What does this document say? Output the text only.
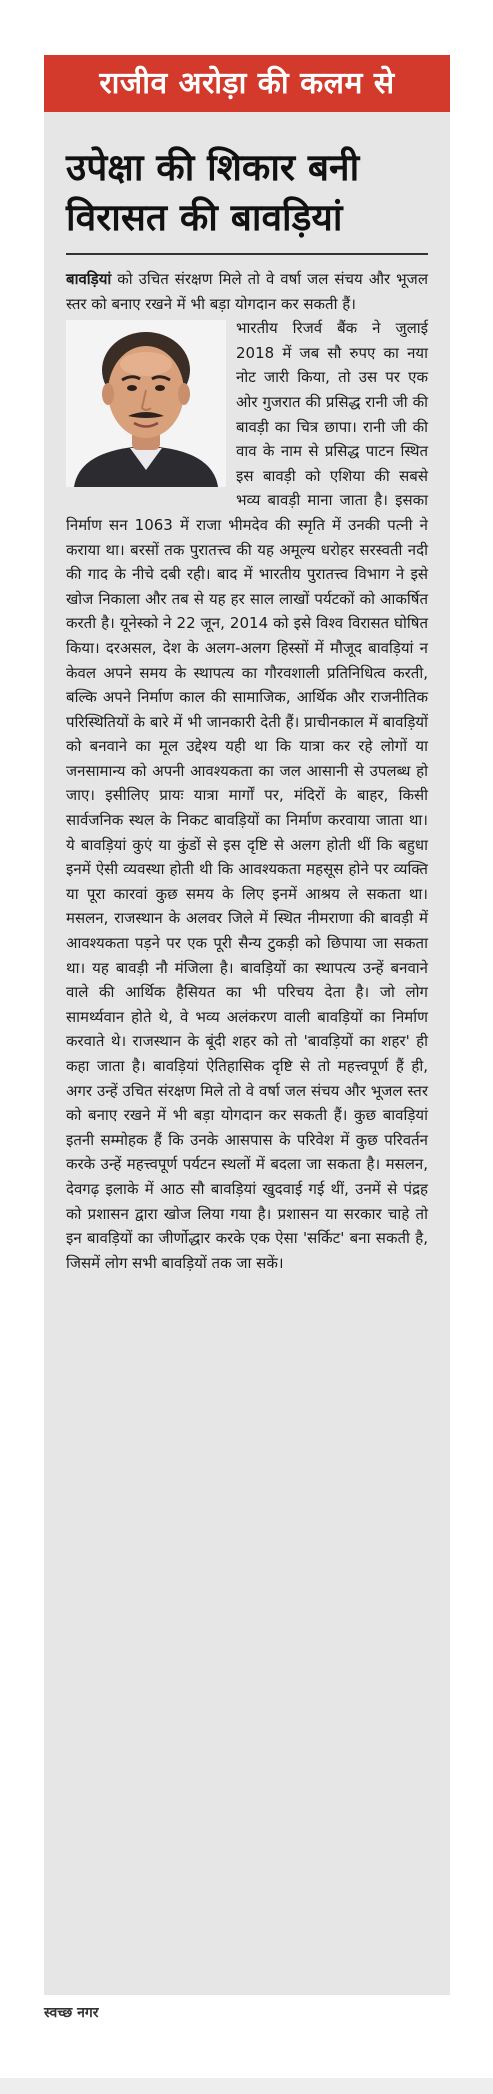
राजीव अरोड़ा की कलम से
उपेक्षा की शिकार बनी विरासत की बावड़ियां

बावड़ियां को उचित संरक्षण मिले तो वे वर्षा जल संचय और भूजल स्तर को बनाए रखने में भी बड़ा योगदान कर सकती हैं।

भारतीय रिजर्व बैंक ने जुलाई 2018 में जब सौ रुपए का नया नोट जारी किया, तो उस पर एक ओर गुजरात की प्रसिद्ध रानी जी की बावड़ी का चित्र छापा। रानी जी की वाव के नाम से प्रसिद्ध पाटन स्थित इस बावड़ी को एशिया की सबसे भव्य बावड़ी माना जाता है। इसका निर्माण सन 1063 में राजा भीमदेव की स्मृति में उनकी पत्नी ने कराया था। बरसों तक पुरातत्त्व की यह अमूल्य धरोहर सरस्वती नदी की गाद के नीचे दबी रही। बाद में भारतीय पुरातत्त्व विभाग ने इसे खोज निकाला और तब से यह हर साल लाखों पर्यटकों को आकर्षित करती है। यूनेस्को ने 22 जून, 2014 को इसे विश्व विरासत घोषित किया। दरअसल, देश के अलग-अलग हिस्सों में मौजूद बावड़ियां न केवल अपने समय के स्थापत्य का गौरवशाली प्रतिनिधित्व करती, बल्कि अपने निर्माण काल की सामाजिक, आर्थिक और राजनीतिक परिस्थितियों के बारे में भी जानकारी देती हैं। प्राचीनकाल में बावड़ियों को बनवाने का मूल उद्देश्य यही था कि यात्रा कर रहे लोगों या जनसामान्य को अपनी आवश्यकता का जल आसानी से उपलब्ध हो जाए। इसीलिए प्रायः यात्रा मार्गों पर, मंदिरों के बाहर, किसी सार्वजनिक स्थल के निकट बावड़ियों का निर्माण करवाया जाता था। ये बावड़ियां कुएं या कुंडों से इस दृष्टि से अलग होती थीं कि बहुधा इनमें ऐसी व्यवस्था होती थी कि आवश्यकता महसूस होने पर व्यक्ति या पूरा कारवां कुछ समय के लिए इनमें आश्रय ले सकता था। मसलन, राजस्थान के अलवर जिले में स्थित नीमराणा की बावड़ी में आवश्यकता पड़ने पर एक पूरी सैन्य टुकड़ी को छिपाया जा सकता था। यह बावड़ी नौ मंजिला है। बावड़ियों का स्थापत्य उन्हें बनवाने वाले की आर्थिक हैसियत का भी परिचय देता है। जो लोग सामर्थ्यवान होते थे, वे भव्य अलंकरण वाली बावड़ियों का निर्माण करवाते थे। राजस्थान के बूंदी शहर को तो 'बावड़ियों का शहर' ही कहा जाता है। बावड़ियां ऐतिहासिक दृष्टि से तो महत्त्वपूर्ण हैं ही, अगर उन्हें उचित संरक्षण मिले तो वे वर्षा जल संचय और भूजल स्तर को बनाए रखने में भी बड़ा योगदान कर सकती हैं। कुछ बावड़ियां इतनी सम्मोहक हैं कि उनके आसपास के परिवेश में कुछ परिवर्तन करके उन्हें महत्त्वपूर्ण पर्यटन स्थलों में बदला जा सकता है। मसलन, देवगढ़ इलाके में आठ सौ बावड़ियां खुदवाई गई थीं, उनमें से पंद्रह को प्रशासन द्वारा खोज लिया गया है। प्रशासन या सरकार चाहे तो इन बावड़ियों का जीर्णोद्धार करके एक ऐसा 'सर्किट' बना सकती है, जिसमें लोग सभी बावड़ियों तक जा सकें।

स्वच्छ नगर
